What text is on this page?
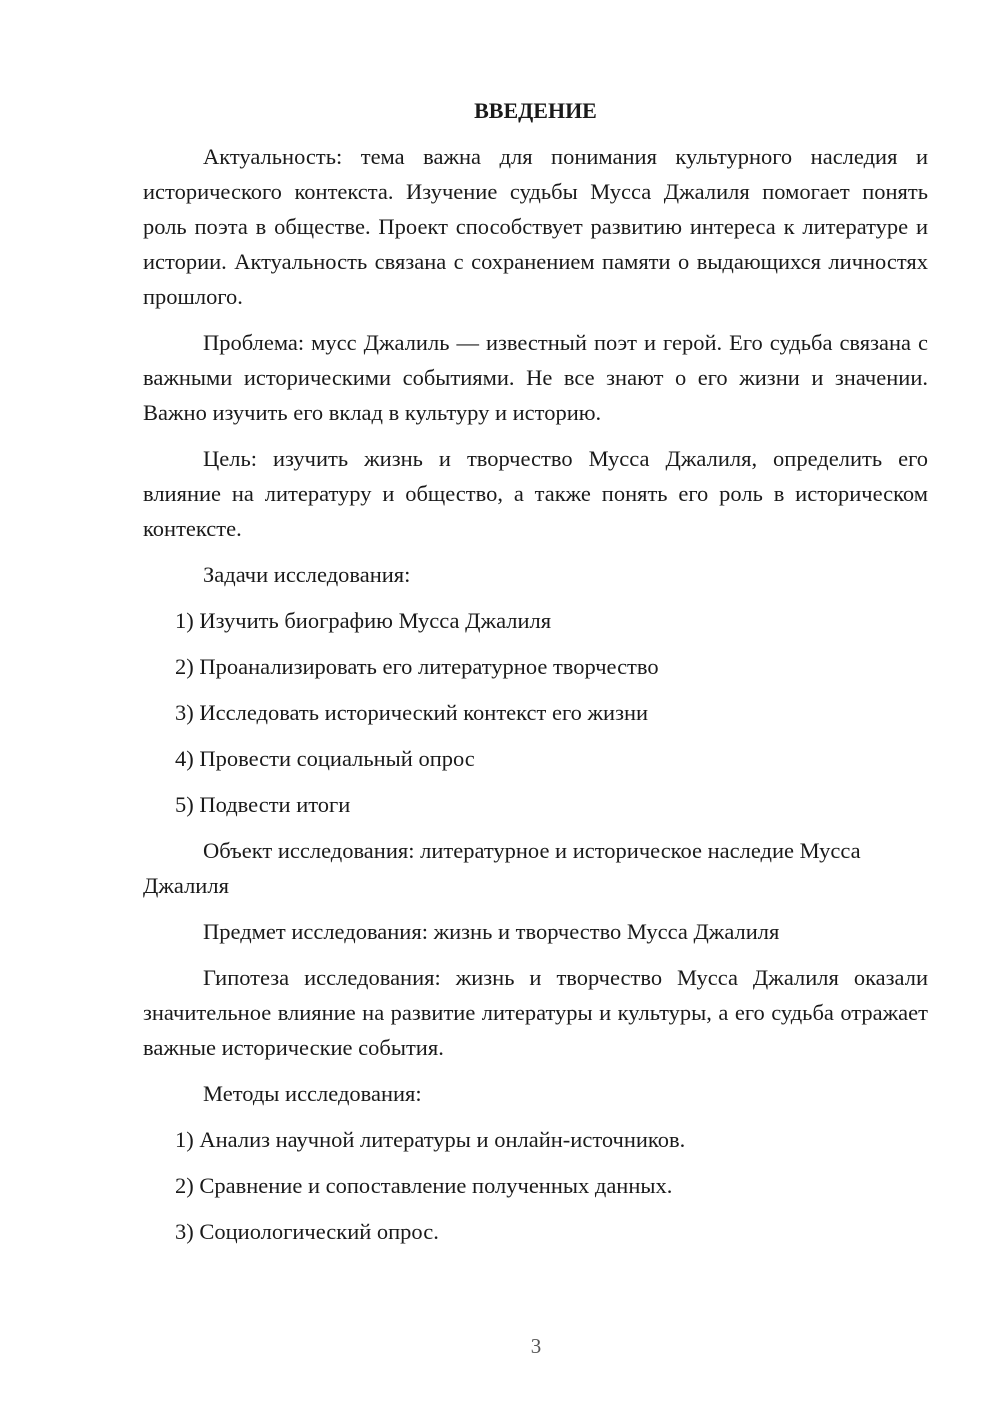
ВВЕДЕНИЕ
Актуальность: тема важна для понимания культурного наследия и исторического контекста. Изучение судьбы Мусса Джалиля помогает понять роль поэта в обществе. Проект способствует развитию интереса к литературе и истории. Актуальность связана с сохранением памяти о выдающихся личностях прошлого.
Проблема: мусс Джалиль — известный поэт и герой. Его судьба связана с важными историческими событиями. Не все знают о его жизни и значении. Важно изучить его вклад в культуру и историю.
Цель: изучить жизнь и творчество Мусса Джалиля, определить его влияние на литературу и общество, а также понять его роль в историческом контексте.
Задачи исследования:
1) Изучить биографию Мусса Джалиля
2) Проанализировать его литературное творчество
3) Исследовать исторический контекст его жизни
4) Провести социальный опрос
5) Подвести итоги
Объект исследования: литературное и историческое наследие Мусса Джалиля
Предмет исследования: жизнь и творчество Мусса Джалиля
Гипотеза исследования: жизнь и творчество Мусса Джалиля оказали значительное влияние на развитие литературы и культуры, а его судьба отражает важные исторические события.
Методы исследования:
1) Анализ научной литературы и онлайн-источников.
2) Сравнение и сопоставление полученных данных.
3) Социологический опрос.
3
